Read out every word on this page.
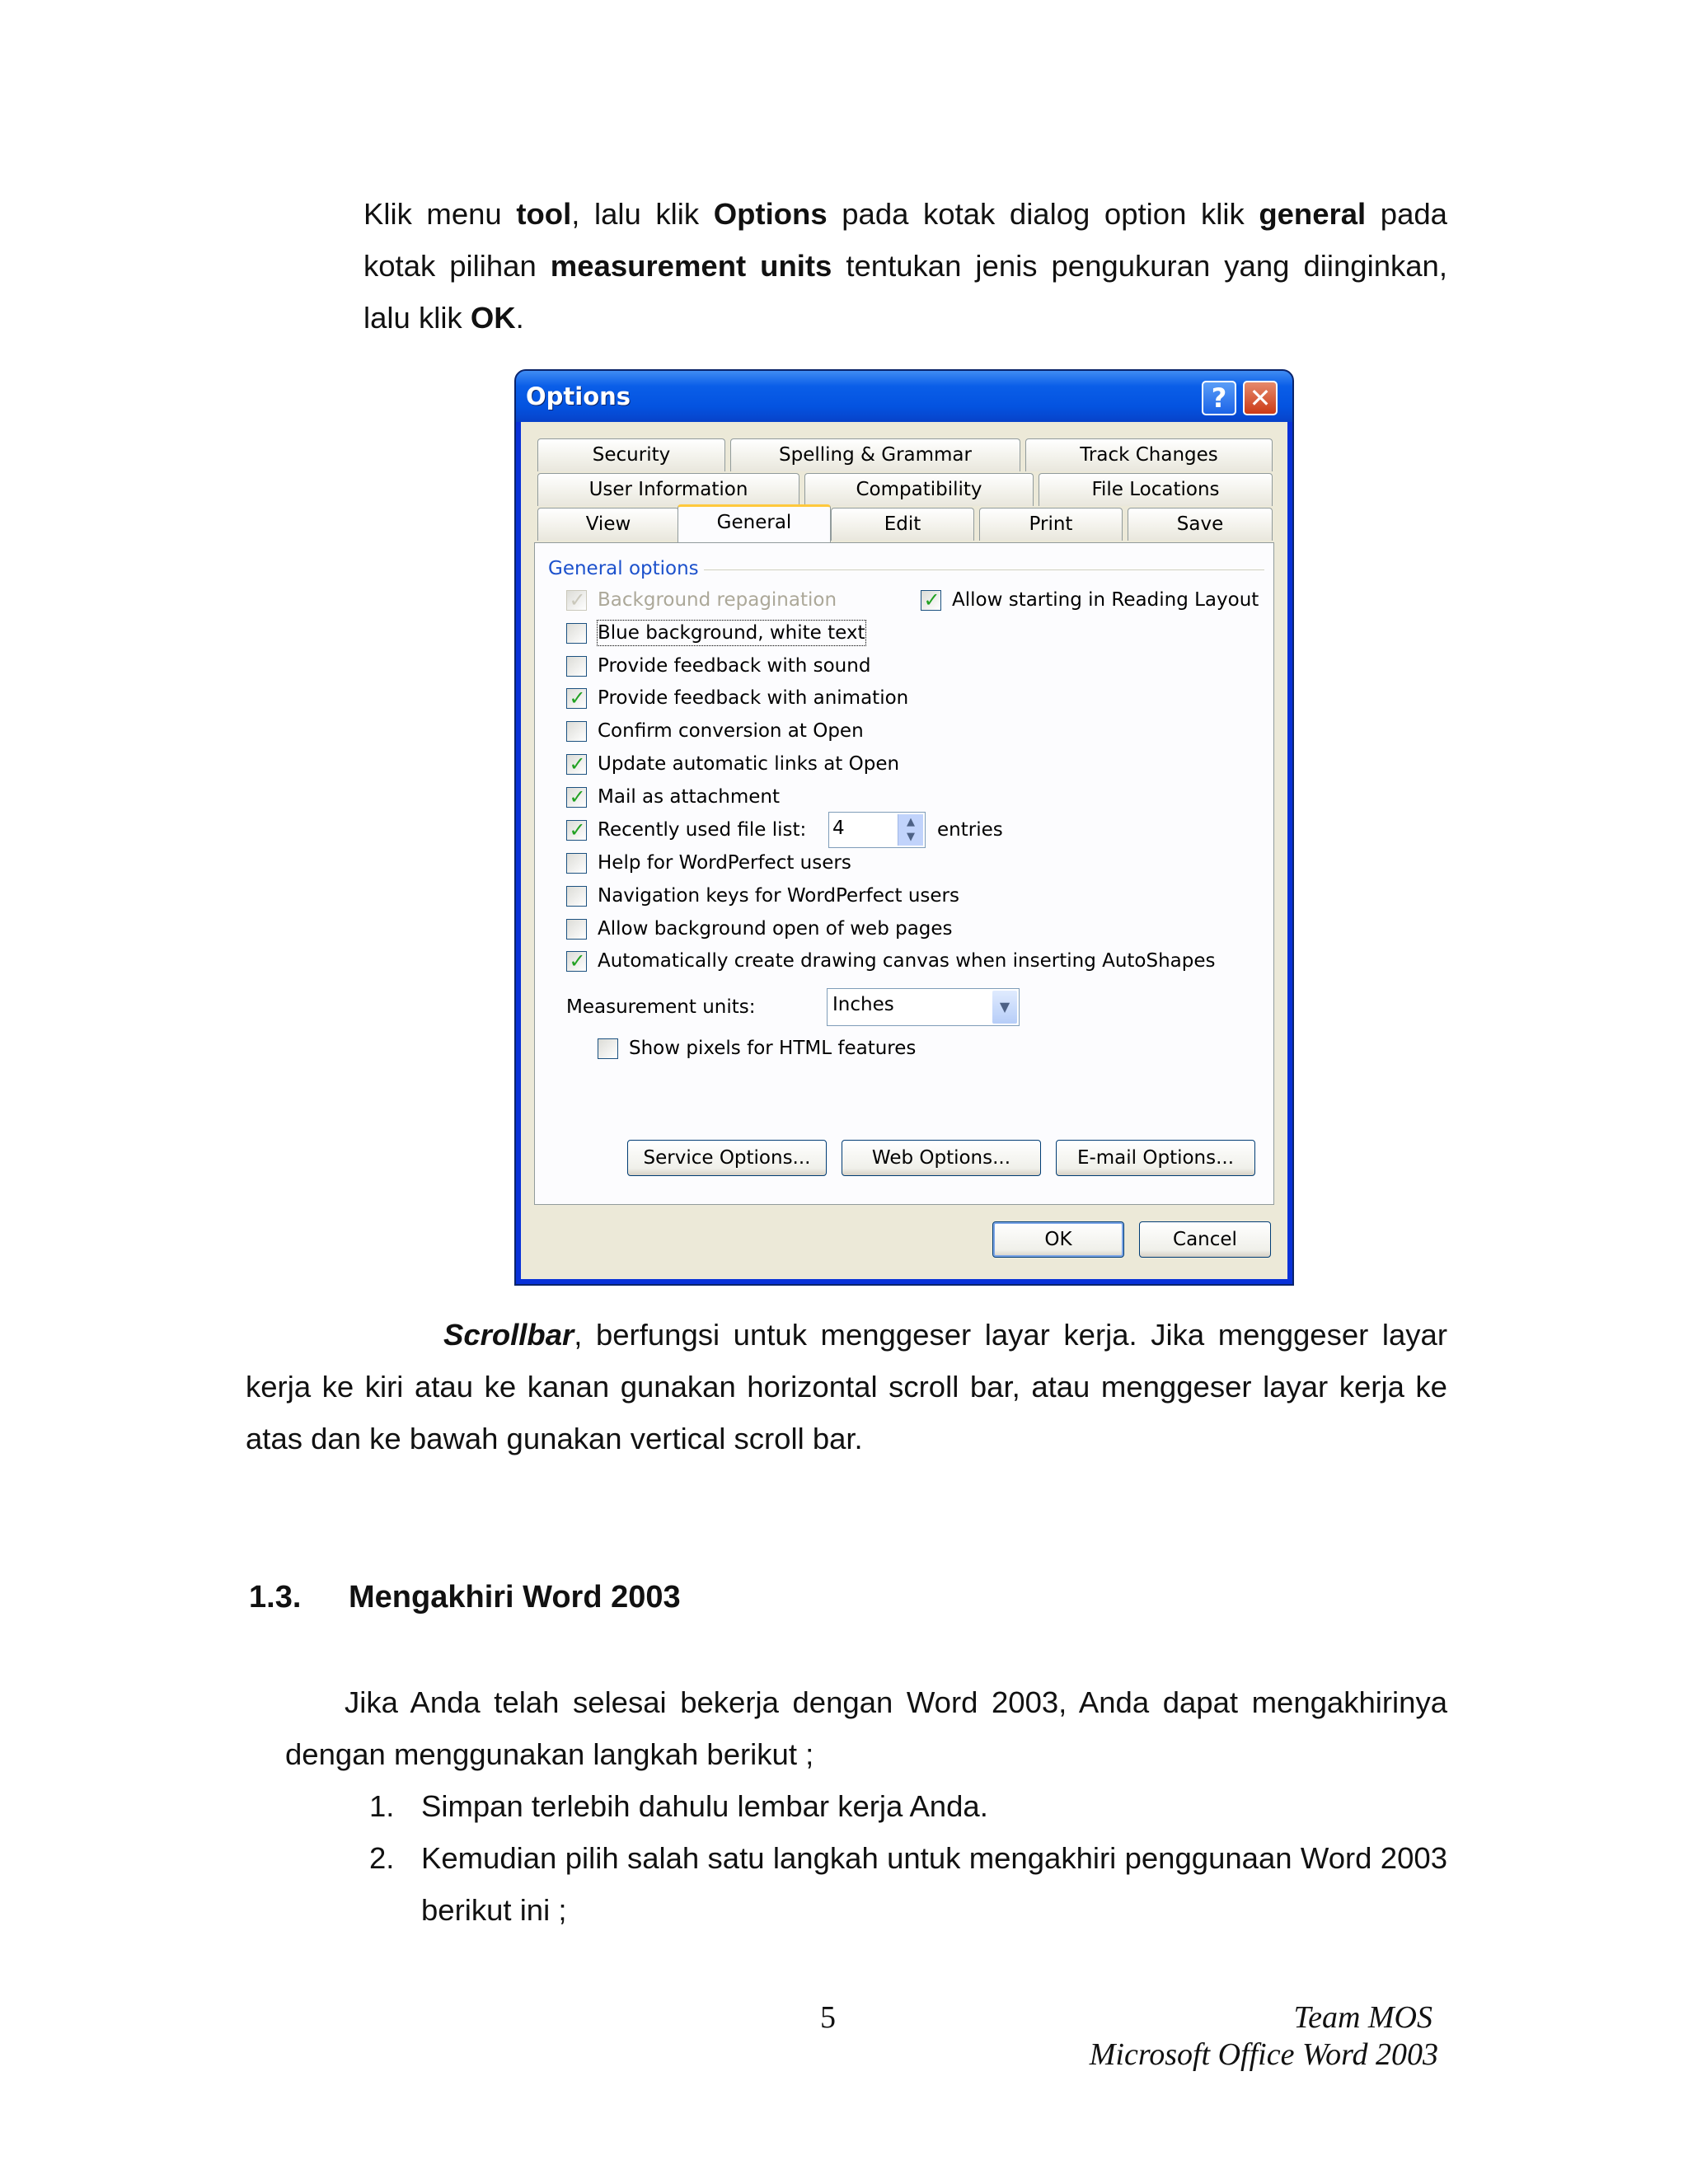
Klik menu tool, lalu klik Options pada kotak dialog option klik general pada kotak pilihan measurement units tentukan jenis pengukuran yang diinginkan, lalu klik OK.

Options	? ✕
Security	Spelling & Grammar	Track Changes
User Information	Compatibility	File Locations
View	General	Edit	Print	Save
General options
✓ Background repagination	✓ Allow starting in Reading Layout
Blue background, white text
Provide feedback with sound
✓ Provide feedback with animation
Confirm conversion at Open
✓ Update automatic links at Open
✓ Mail as attachment
✓ Recently used file list: 4	▲
▼	entries
Help for WordPerfect users
Navigation keys for WordPerfect users
Allow background open of web pages
✓ Automatically create drawing canvas when inserting AutoShapes
Measurement units:	Inches	▼
Show pixels for HTML features
Service Options...	Web Options...	E-mail Options...
OK	Cancel

Scrollbar, berfungsi untuk menggeser layar kerja. Jika menggeser layar kerja ke kiri atau ke kanan gunakan horizontal scroll bar, atau menggeser layar kerja ke atas dan ke bawah gunakan vertical scroll bar.

1.3.	Mengakhiri Word 2003

Jika Anda telah selesai bekerja dengan Word 2003, Anda dapat mengakhirinya dengan menggunakan langkah berikut ;

1. Simpan terlebih dahulu lembar kerja Anda.
2. Kemudian pilih salah satu langkah untuk mengakhiri penggunaan Word 2003 berikut ini ;
5	Team MOS
Microsoft Office Word 2003
